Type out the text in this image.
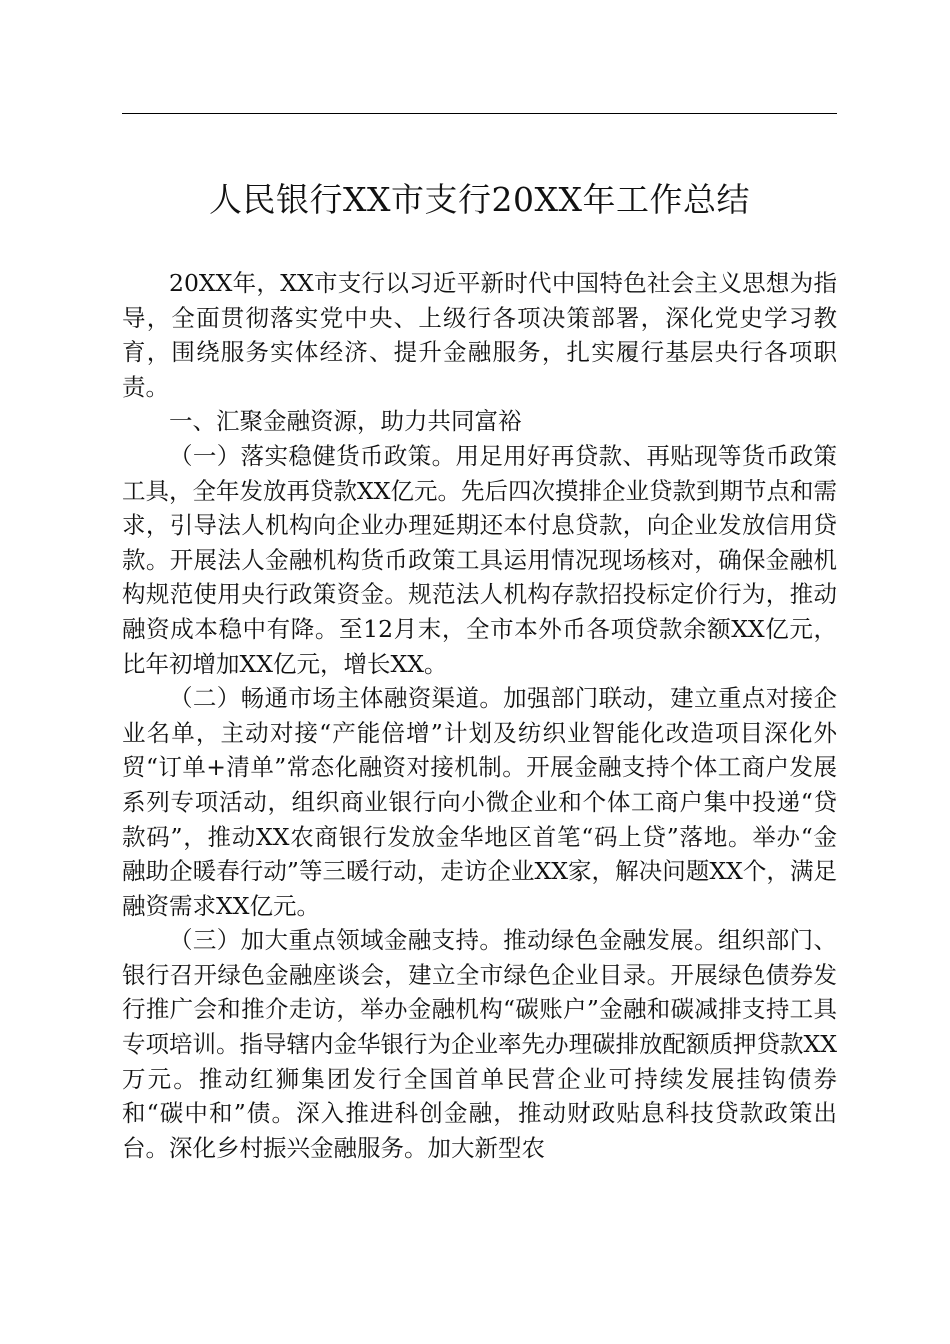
人民银行XX市支行20XX年工作总结

20XX年，XX市支行以习近平新时代中国特色社会主义思想为指导，全面贯彻落实党中央、上级行各项决策部署，深化党史学习教育，围绕服务实体经济、提升金融服务，扎实履行基层央行各项职责。

一、汇聚金融资源，助力共同富裕

（一）落实稳健货币政策。用足用好再贷款、再贴现等货币政策工具，全年发放再贷款XX亿元。先后四次摸排企业贷款到期节点和需求，引导法人机构向企业办理延期还本付息贷款，向企业发放信用贷款。开展法人金融机构货币政策工具运用情况现场核对，确保金融机构规范使用央行政策资金。规范法人机构存款招投标定价行为，推动融资成本稳中有降。至12月末，全市本外币各项贷款余额XX亿元，比年初增加XX亿元，增长XX。

（二）畅通市场主体融资渠道。加强部门联动，建立重点对接企业名单，主动对接“产能倍增”计划及纺织业智能化改造项目深化外贸“订单+清单”常态化融资对接机制。开展金融支持个体工商户发展系列专项活动，组织商业银行向小微企业和个体工商户集中投递“贷款码”，推动XX农商银行发放金华地区首笔“码上贷”落地。举办“金融助企暖春行动”等三暖行动，走访企业XX家，解决问题XX个，满足融资需求XX亿元。

（三）加大重点领域金融支持。推动绿色金融发展。组织部门、银行召开绿色金融座谈会，建立全市绿色企业目录。开展绿色债券发行推广会和推介走访，举办金融机构“碳账户”金融和碳减排支持工具专项培训。指导辖内金华银行为企业率先办理碳排放配额质押贷款XX万元。推动红狮集团发行全国首单民营企业可持续发展挂钩债券和“碳中和”债。深入推进科创金融，推动财政贴息科技贷款政策出台。深化乡村振兴金融服务。加大新型农
